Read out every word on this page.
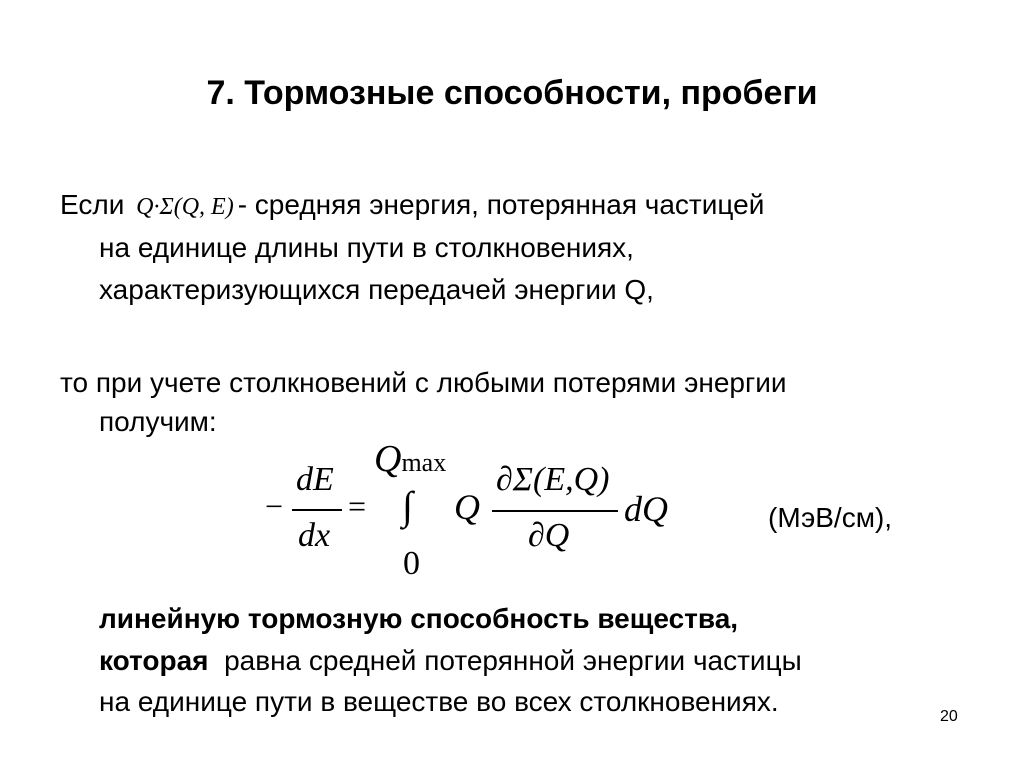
7. Тормозные способности, пробеги
Если Q·Σ(Q, E) - средняя энергия, потерянная частицей
на единице длины пути в столкновениях,
характеризующихся передачей энергии Q,
то при учете столкновений с любыми потерями энергии
получим:
−
dE
dx
=
Qmax
∫
0
Q
∂Σ(E,Q)
∂Q
dQ	(МэВ/см),
линейную тормозную способность вещества,
которая  равна средней потерянной энергии частицы
на единице пути в веществе во всех столкновениях.	20
